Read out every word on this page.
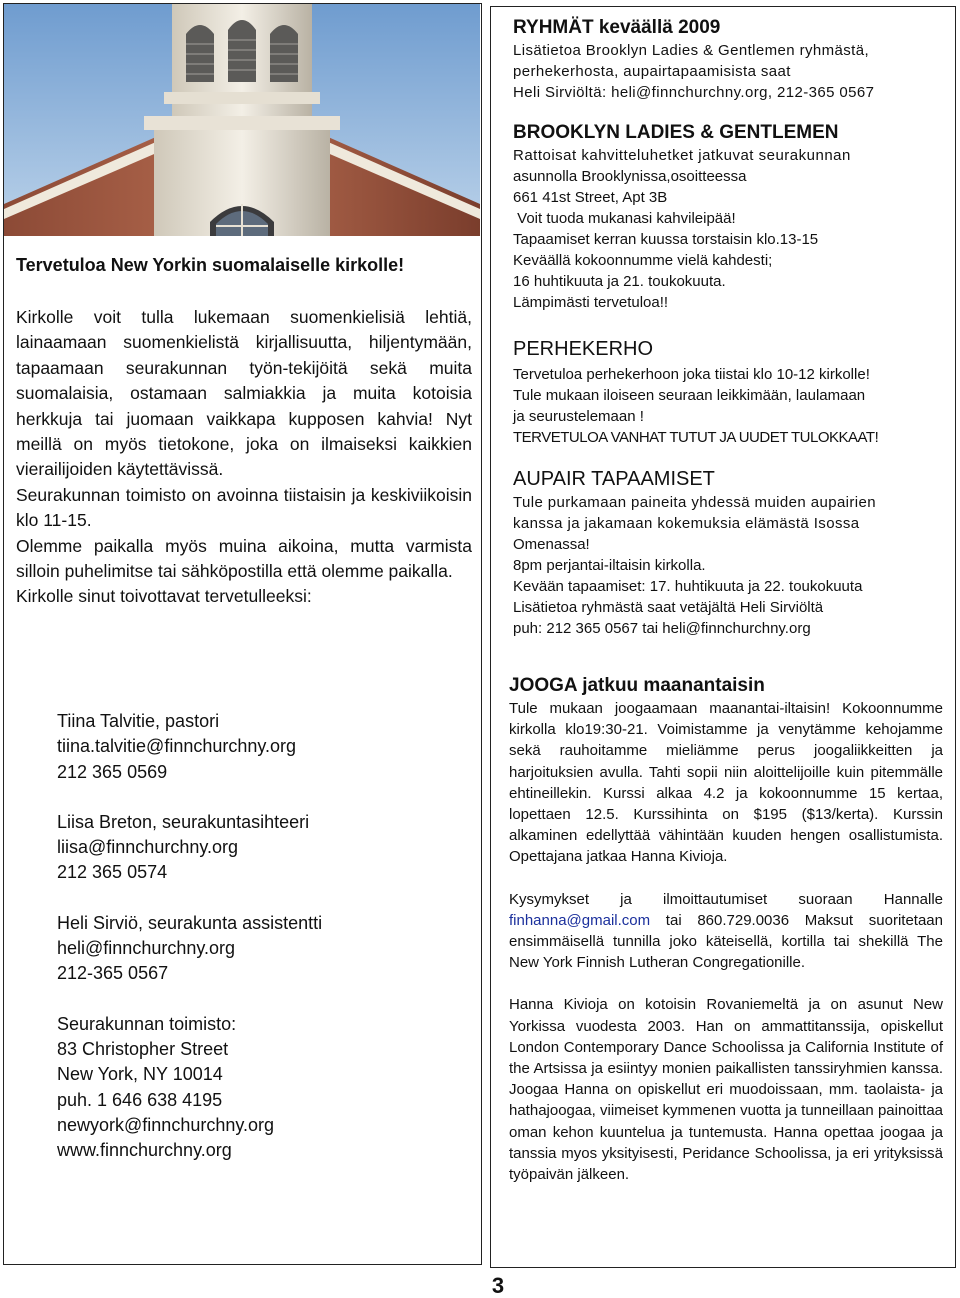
Tervetuloa New Yorkin suomalaiselle kirkolle!

Kirkolle voit tulla lukemaan suomenkielisiä lehtiä, lainaamaan suomenkielistä kirjallisuutta, hiljentymään, tapaamaan seurakunnan työn-tekijöitä sekä muita suomalaisia, ostamaan salmiakkia ja muita kotoisia herkkuja tai juomaan vaikkapa kupposen kahvia! Nyt meillä on myös tietokone, joka on ilmaiseksi kaikkien vierailijoiden käytettävissä.

Seurakunnan toimisto on avoinna tiistaisin ja keskiviikoisin klo 11-15.

Olemme paikalla myös muina aikoina, mutta varmista silloin puhelimitse tai sähköpostilla että olemme paikalla.

Kirkolle sinut toivottavat tervetulleeksi:

Tiina Talvitie, pastori
tiina.talvitie@finnchurchny.org
212 365 0569
Liisa Breton, seurakuntasihteeri
liisa@finnchurchny.org
212 365 0574
Heli Sirviö, seurakunta assistentti
heli@finnchurchny.org
212-365 0567
Seurakunnan toimisto:
83 Christopher Street
New York, NY 10014
puh. 1 646 638 4195
newyork@finnchurchny.org
www.finnchurchny.org
RYHMÄT keväällä 2009
Lisätietoa Brooklyn Ladies & Gentlemen ryhmästä,
perhekerhosta, aupairtapaamisista saat
Heli Sirviöltä: heli@finnchurchny.org, 212-365 0567
BROOKLYN LADIES & GENTLEMEN
Rattoisat kahvitteluhetket jatkuvat seurakunnan
asunnolla Brooklynissa,osoitteessa
661 41st Street, Apt 3B
Voit tuoda mukanasi kahvileipää!
Tapaamiset kerran kuussa torstaisin klo.13-15
Keväällä kokoonnumme vielä kahdesti;
16 huhtikuuta ja 21. toukokuuta.
Lämpimästi tervetuloa!!
PERHEKERHO
Tervetuloa perhekerhoon joka tiistai klo 10-12 kirkolle!
Tule mukaan iloiseen seuraan leikkimään, laulamaan
ja seurustelemaan !
TERVETULOA VANHAT TUTUT JA UUDET TULOKKAAT!
AUPAIR TAPAAMISET
Tule purkamaan paineita yhdessä muiden aupairien
kanssa ja jakamaan kokemuksia elämästä Isossa
Omenassa!
8pm perjantai-iltaisin kirkolla.
Kevään tapaamiset: 17. huhtikuuta ja 22. toukokuuta
Lisätietoa ryhmästä saat vetäjältä Heli Sirviöltä
puh: 212 365 0567 tai heli@finnchurchny.org
JOOGA jatkuu maanantaisin

Tule mukaan joogaamaan maanantai-iltaisin! Kokoonnumme kirkolla klo19:30-21. Voimistamme ja venytämme kehojamme sekä rauhoitamme mieliämme perus joogaliikkeitten ja harjoituksien avulla. Tahti sopii niin aloittelijoille kuin pitemmälle ehtineillekin. Kurssi alkaa 4.2 ja kokoonnumme 15 kertaa, lopettaen 12.5. Kurssihinta on $195 ($13/kerta). Kurssin alkaminen edellyttää vähintään kuuden hengen osallistumista. Opettajana jatkaa Hanna Kivioja.

Kysymykset ja ilmoittautumiset suoraan Hannalle finhanna@gmail.com tai 860.729.0036 Maksut suoritetaan ensimmäisellä tunnilla joko käteisellä, kortilla tai shekillä The New York Finnish Lutheran Congregationille.

Hanna Kivioja on kotoisin Rovaniemeltä ja on asunut New Yorkissa vuodesta 2003. Han on ammattitanssija, opiskellut London Contemporary Dance Schoolissa ja California Institute of the Artsissa ja esiintyy monien paikallisten tanssiryhmien kanssa. Joogaa Hanna on opiskellut eri muodoissaan, mm. taolaista- ja hathajoogaa, viimeiset kymmenen vuotta ja tunneillaan painoittaa oman kehon kuuntelua ja tuntemusta. Hanna opettaa joogaa ja tanssia myos yksityisesti, Peridance Schoolissa, ja eri yrityksissä työpaivän jälkeen.

3
